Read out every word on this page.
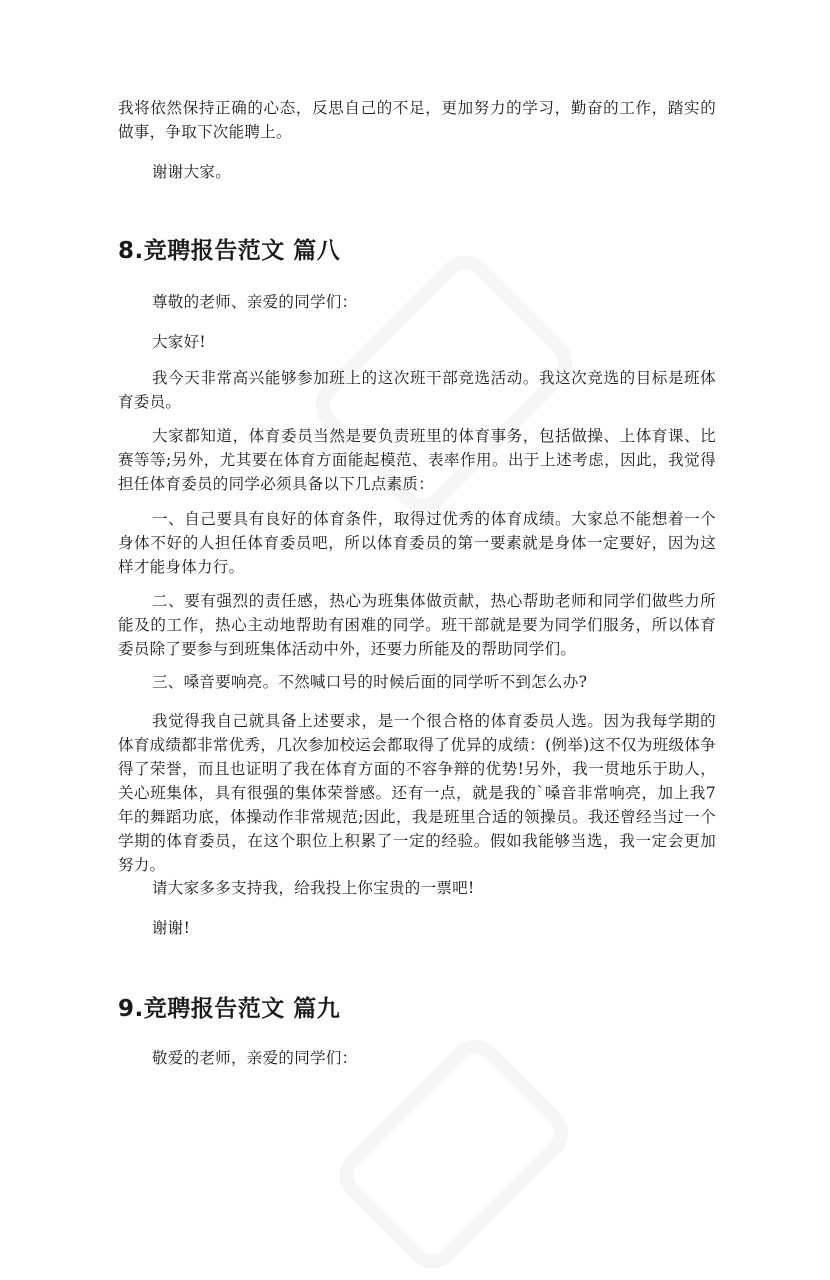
我将依然保持正确的心态，反思自己的不足，更加努力的学习，勤奋的工作，踏实的做事，争取下次能聘上。

谢谢大家。

8.竞聘报告范文 篇八

尊敬的老师、亲爱的同学们：

大家好!

我今天非常高兴能够参加班上的这次班干部竞选活动。我这次竞选的目标是班体育委员。

大家都知道，体育委员当然是要负责班里的体育事务，包括做操、上体育课、比赛等等;另外，尤其要在体育方面能起模范、表率作用。出于上述考虑，因此，我觉得担任体育委员的同学必须具备以下几点素质：

一、自己要具有良好的体育条件，取得过优秀的体育成绩。大家总不能想着一个身体不好的人担任体育委员吧，所以体育委员的第一要素就是身体一定要好，因为这样才能身体力行。

二、要有强烈的责任感，热心为班集体做贡献，热心帮助老师和同学们做些力所能及的工作，热心主动地帮助有困难的同学。班干部就是要为同学们服务，所以体育委员除了要参与到班集体活动中外，还要力所能及的帮助同学们。

三、嗓音要响亮。不然喊口号的时候后面的同学听不到怎么办?

我觉得我自己就具备上述要求，是一个很合格的体育委员人选。因为我每学期的体育成绩都非常优秀，几次参加校运会都取得了优异的成绩：(例举)这不仅为班级体争得了荣誉，而且也证明了我在体育方面的不容争辩的优势!另外，我一贯地乐于助人，关心班集体，具有很强的集体荣誉感。还有一点，就是我的`嗓音非常响亮，加上我7年的舞蹈功底，体操动作非常规范;因此，我是班里合适的领操员。我还曾经当过一个学期的体育委员，在这个职位上积累了一定的经验。假如我能够当选，我一定会更加努力。

请大家多多支持我，给我投上你宝贵的一票吧!

谢谢!

9.竞聘报告范文 篇九

敬爱的老师，亲爱的同学们：
